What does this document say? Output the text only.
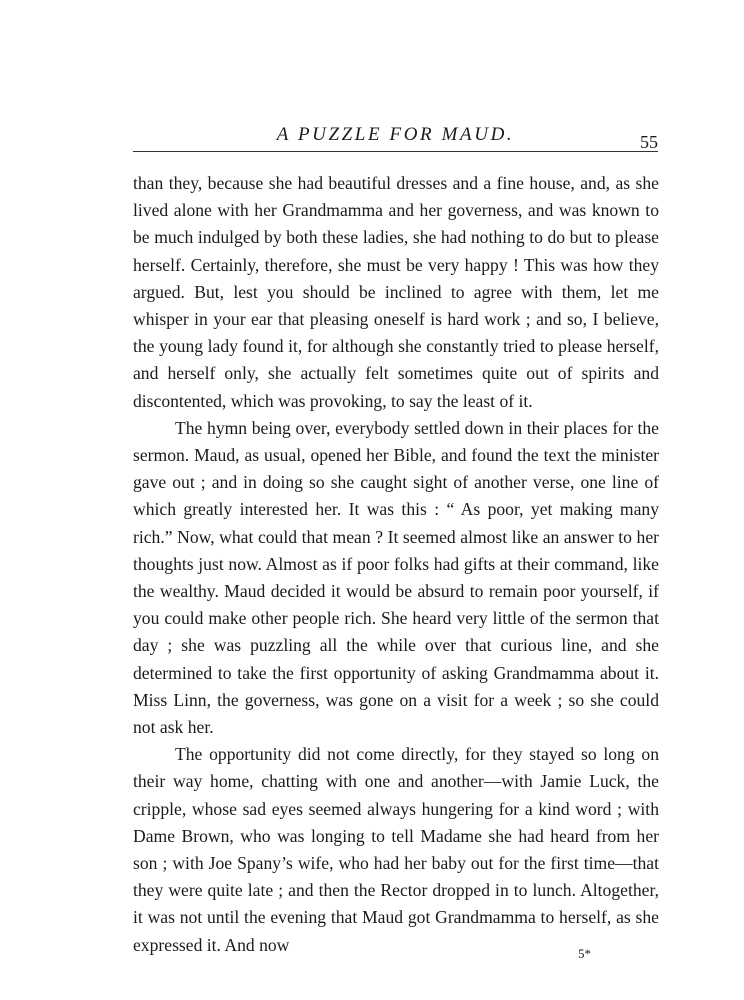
A PUZZLE FOR MAUD.	55

than they, because she had beautiful dresses and a fine house, and, as she lived alone with her Grandmamma and her governess, and was known to be much indulged by both these ladies, she had nothing to do but to please herself. Certainly, therefore, she must be very happy ! This was how they argued. But, lest you should be inclined to agree with them, let me whisper in your ear that pleasing oneself is hard work ; and so, I believe, the young lady found it, for although she constantly tried to please herself, and herself only, she actually felt sometimes quite out of spirits and discontented, which was provoking, to say the least of it.

The hymn being over, everybody settled down in their places for the sermon. Maud, as usual, opened her Bible, and found the text the minister gave out ; and in doing so she caught sight of another verse, one line of which greatly interested her. It was this : “ As poor, yet making many rich.” Now, what could that mean ? It seemed almost like an answer to her thoughts just now. Almost as if poor folks had gifts at their command, like the wealthy. Maud decided it would be absurd to remain poor yourself, if you could make other people rich. She heard very little of the sermon that day ; she was puzzling all the while over that curious line, and she determined to take the first opportunity of asking Grandmamma about it. Miss Linn, the governess, was gone on a visit for a week ; so she could not ask her.

The opportunity did not come directly, for they stayed so long on their way home, chatting with one and another—with Jamie Luck, the cripple, whose sad eyes seemed always hungering for a kind word ; with Dame Brown, who was longing to tell Madame she had heard from her son ; with Joe Spany’s wife, who had her baby out for the first time—that they were quite late ; and then the Rector dropped in to lunch. Altogether, it was not until the evening that Maud got Grandmamma to herself, as she expressed it. And now	5*
